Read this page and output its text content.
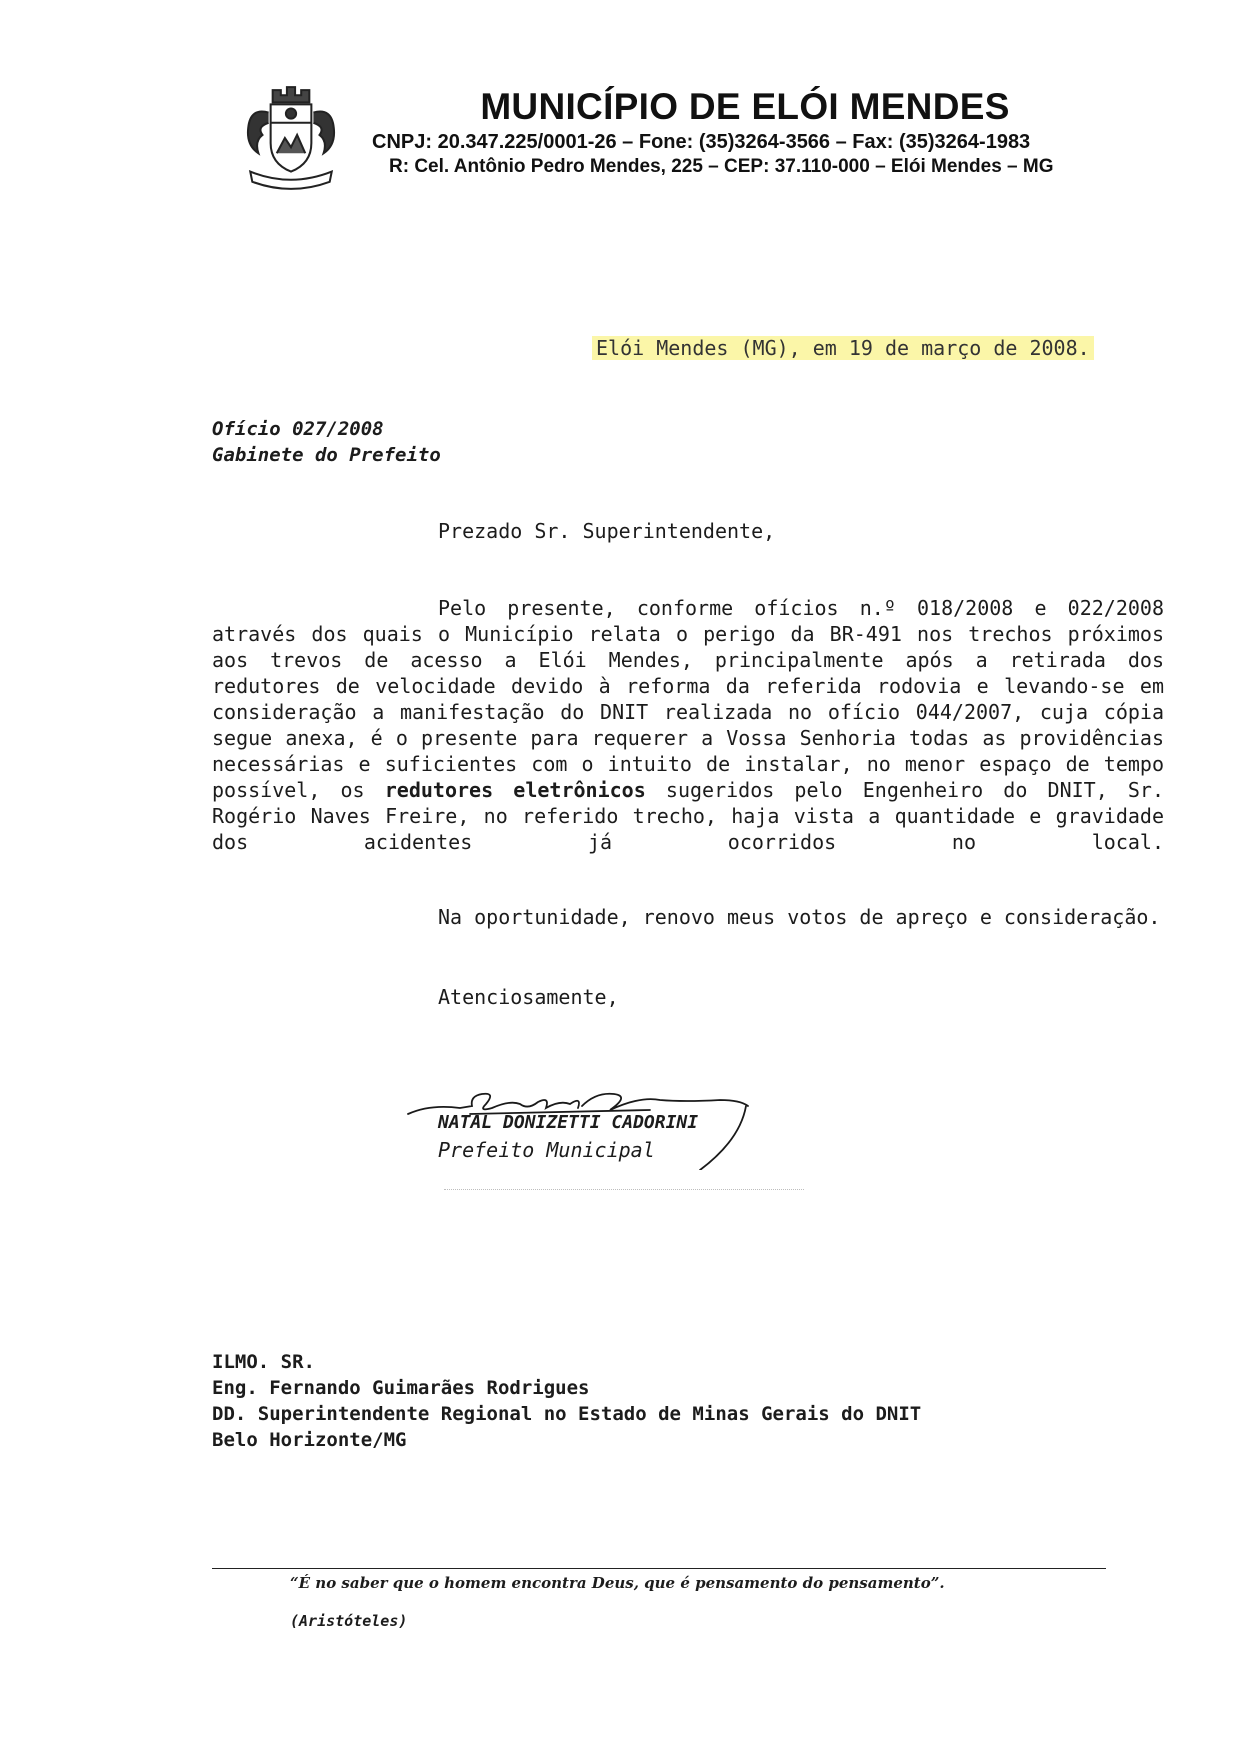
MUNICÍPIO DE ELÓI MENDES
CNPJ: 20.347.225/0001-26 – Fone: (35)3264-3566 – Fax: (35)3264-1983
R: Cel. Antônio Pedro Mendes, 225 – CEP: 37.110-000 – Elói Mendes – MG
Elói Mendes (MG), em 19 de março de 2008.
Ofício 027/2008
Gabinete do Prefeito
Prezado Sr. Superintendente,
Pelo presente, conforme ofícios n.º 018/2008 e 022/2008 através dos quais o Município relata o perigo da BR-491 nos trechos próximos aos trevos de acesso a Elói Mendes, principalmente após a retirada dos redutores de velocidade devido à reforma da referida rodovia e levando-se em consideração a manifestação do DNIT realizada no ofício 044/2007, cuja cópia segue anexa, é o presente para requerer a Vossa Senhoria todas as providências necessárias e suficientes com o intuito de instalar, no menor espaço de tempo possível, os redutores eletrônicos sugeridos pelo Engenheiro do DNIT, Sr. Rogério Naves Freire, no referido trecho, haja vista a quantidade e gravidade dos acidentes já ocorridos no local.
Na oportunidade, renovo meus votos de apreço e consideração.
Atenciosamente,
NATAL DONIZETTI CADORINI
Prefeito Municipal
ILMO. SR.
Eng. Fernando Guimarães Rodrigues
DD. Superintendente Regional no Estado de Minas Gerais do DNIT
Belo Horizonte/MG
“É no saber que o homem encontra Deus, que é pensamento do pensamento”.
(Aristóteles)
